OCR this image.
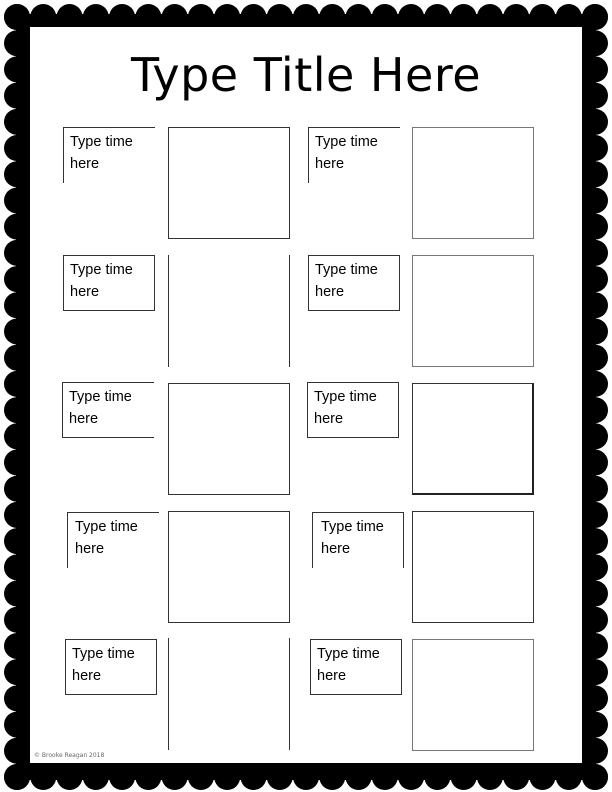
Type Title Here
Type time here
Type time here
Type time here
Type time here
Type time here
Type time here
Type time here
Type time here
Type time here
Type time here
© Brooke Reagan 2018
